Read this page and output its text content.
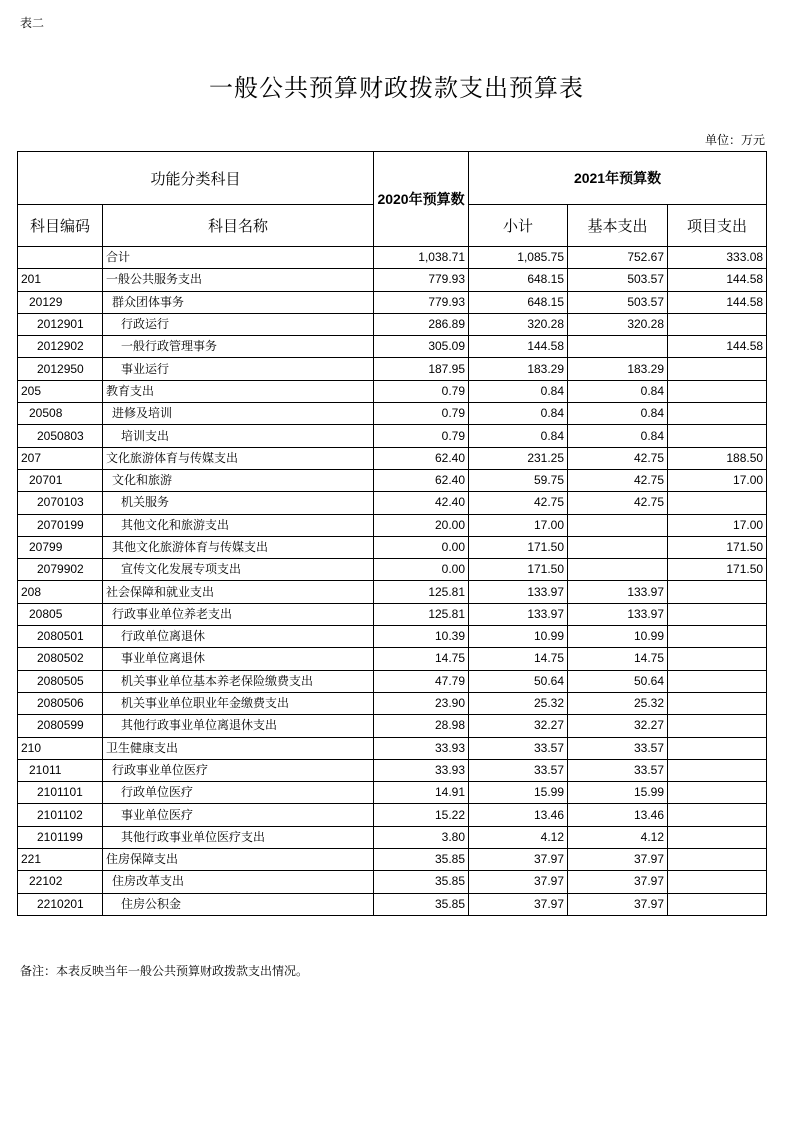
表二
一般公共预算财政拨款支出预算表
单位：万元
功能分类科目		2020年预算数	2021年预算数		
科目编码	科目名称		小计	基本支出	项目支出
	合计	1,038.71	1,085.75	752.67	333.08
201	一般公共服务支出	779.93	648.15	503.57	144.58
20129	群众团体事务	779.93	648.15	503.57	144.58
2012901	行政运行	286.89	320.28	320.28	
2012902	一般行政管理事务	305.09	144.58		144.58
2012950	事业运行	187.95	183.29	183.29	
205	教育支出	0.79	0.84	0.84	
20508	进修及培训	0.79	0.84	0.84	
2050803	培训支出	0.79	0.84	0.84	
207	文化旅游体育与传媒支出	62.40	231.25	42.75	188.50
20701	文化和旅游	62.40	59.75	42.75	17.00
2070103	机关服务	42.40	42.75	42.75	
2070199	其他文化和旅游支出	20.00	17.00		17.00
20799	其他文化旅游体育与传媒支出	0.00	171.50		171.50
2079902	宣传文化发展专项支出	0.00	171.50		171.50
208	社会保障和就业支出	125.81	133.97	133.97	
20805	行政事业单位养老支出	125.81	133.97	133.97	
2080501	行政单位离退休	10.39	10.99	10.99	
2080502	事业单位离退休	14.75	14.75	14.75	
2080505	机关事业单位基本养老保险缴费支出	47.79	50.64	50.64	
2080506	机关事业单位职业年金缴费支出	23.90	25.32	25.32	
2080599	其他行政事业单位离退休支出	28.98	32.27	32.27	
210	卫生健康支出	33.93	33.57	33.57	
21011	行政事业单位医疗	33.93	33.57	33.57	
2101101	行政单位医疗	14.91	15.99	15.99	
2101102	事业单位医疗	15.22	13.46	13.46	
2101199	其他行政事业单位医疗支出	3.80	4.12	4.12	
221	住房保障支出	35.85	37.97	37.97	
22102	住房改革支出	35.85	37.97	37.97	
2210201	住房公积金	35.85	37.97	37.97	
备注：本表反映当年一般公共预算财政拨款支出情况。
